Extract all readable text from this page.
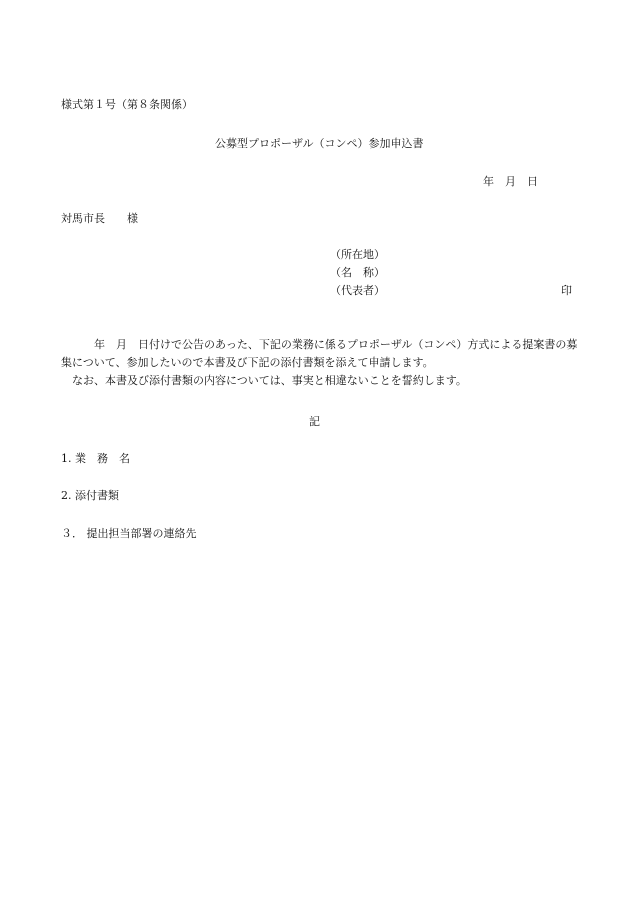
様式第１号（第８条関係）
公募型プロポーザル（コンペ）参加申込書
年　月　日
対馬市長　　様
（所在地）
（名　称）
（代表者）	印
　　　年　月　日付けで公告のあった、下記の業務に係るプロポーザル（コンペ）方式による提案書の募
集について、参加したいので本書及び下記の添付書類を添えて申請します。
　なお、本書及び添付書類の内容については、事実と相違ないことを誓約します。
記
1. 業　務　名
2. 添付書類
３． 提出担当部署の連絡先
